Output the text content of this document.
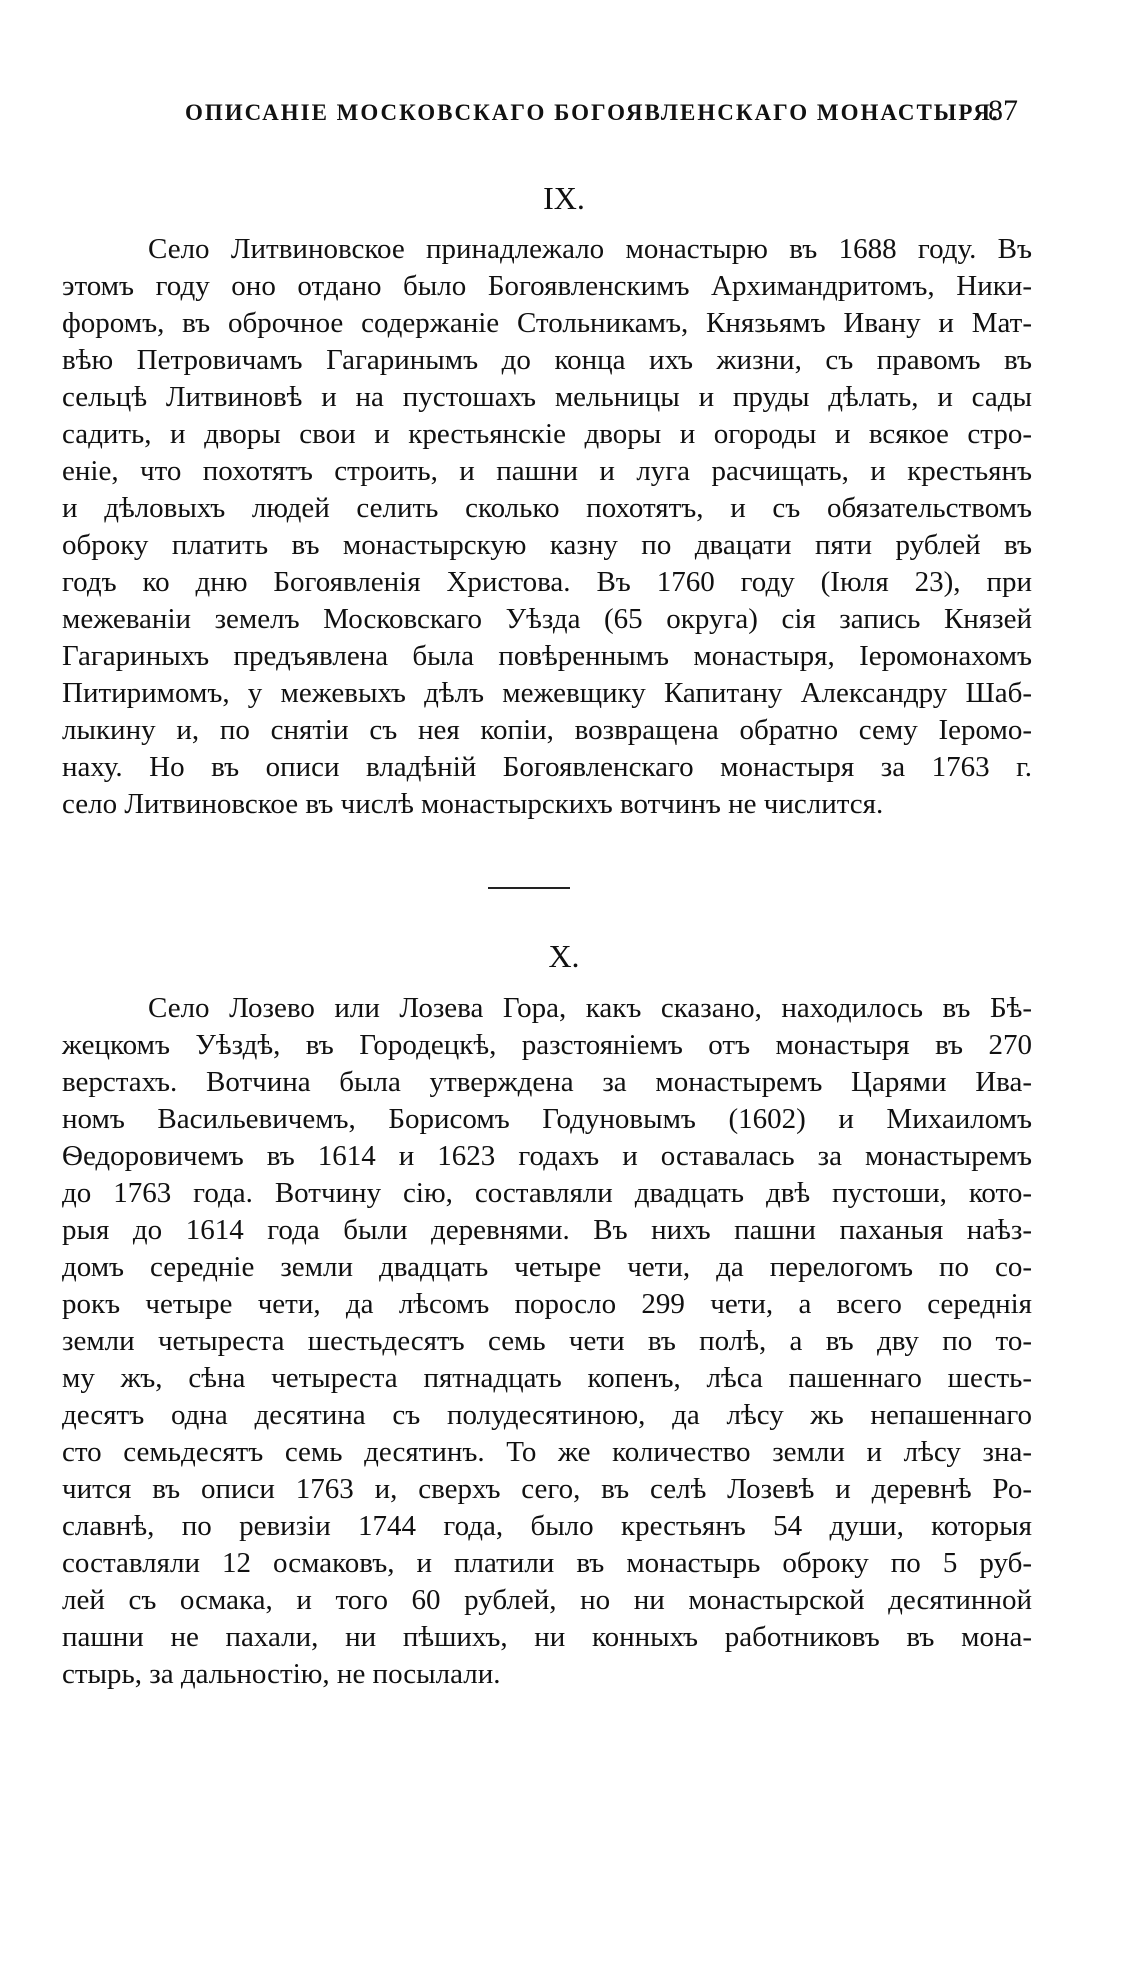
ОПИСАНІЕ МОСКОВСКАГО БОГОЯВЛЕНСКАГО МОНАСТЫРЯ.
87
IX.
Село Литвиновское принадлежало монастырю въ 1688 году. Въ
этомъ году оно отдано было Богоявленскимъ Архимандритомъ, Ники-
форомъ, въ оброчное содержаніе Стольникамъ, Князьямъ Ивану и Мат-
вѣю Петровичамъ Гагаринымъ до конца ихъ жизни, съ правомъ въ
сельцѣ Литвиновѣ и на пустошахъ мельницы и пруды дѣлать, и сады
садить, и дворы свои и крестьянскіе дворы и огороды и всякое стро-
еніе, что похотятъ строить, и пашни и луга расчищать, и крестьянъ
и дѣловыхъ людей селить сколько похотятъ, и съ обязательствомъ
оброку платить въ монастырскую казну по двацати пяти рублей въ
годъ ко дню Богоявленія Христова. Въ 1760 году (Іюля 23), при
межеваніи земелъ Московскаго Уѣзда (65 округа) сія запись Князей
Гагариныхъ предъявлена была повѣреннымъ монастыря, Іеромонахомъ
Питиримомъ, у межевыхъ дѣлъ межевщику Капитану Александру Шаб-
лыкину и, по снятіи съ нея копіи, возвращена обратно сему Іеромо-
наху. Но въ описи владѣній Богоявленскаго монастыря за 1763 г.
село Литвиновское въ числѣ монастырскихъ вотчинъ не числится.
X.
Село Лозево или Лозева Гора, какъ сказано, находилось въ Бѣ-
жецкомъ Уѣздѣ, въ Городецкѣ, разстояніемъ отъ монастыря въ 270
верстахъ. Вотчина была утверждена за монастыремъ Царями Ива-
номъ Васильевичемъ, Борисомъ Годуновымъ (1602) и Михаиломъ
Ѳедоровичемъ въ 1614 и 1623 годахъ и оставалась за монастыремъ
до 1763 года. Вотчину сію, составляли двадцать двѣ пустоши, кото-
рыя до 1614 года были деревнями. Въ нихъ пашни паханыя наѣз-
домъ середніе земли двадцать четыре чети, да перелогомъ по со-
рокъ четыре чети, да лѣсомъ поросло 299 чети, а всего середнія
земли четыреста шестьдесятъ семь чети въ полѣ, а въ дву по то-
му жъ, сѣна четыреста пятнадцать копенъ, лѣса пашеннаго шесть-
десятъ одна десятина съ полудесятиною, да лѣсу жь непашеннаго
сто семьдесятъ семь десятинъ. То же количество земли и лѣсу зна-
чится въ описи 1763 и, сверхъ сего, въ селѣ Лозевѣ и деревнѣ Ро-
славнѣ, по ревизіи 1744 года, было крестьянъ 54 души, которыя
составляли 12 осмаковъ, и платили въ монастырь оброку по 5 руб-
лей съ осмака, и того 60 рублей, но ни монастырской десятинной
пашни не пахали, ни пѣшихъ, ни конныхъ работниковъ въ мона-
стырь, за дальностію, не посылали.
